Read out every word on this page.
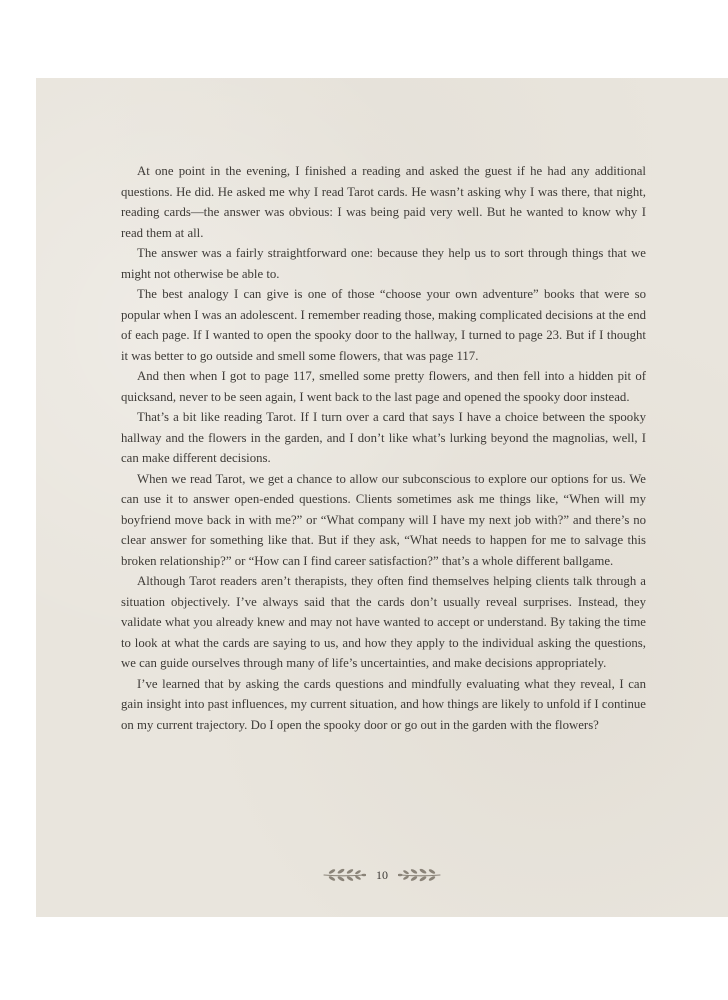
At one point in the evening, I finished a reading and asked the guest if he had any additional questions. He did. He asked me why I read Tarot cards. He wasn’t asking why I was there, that night, reading cards—the answer was obvious: I was being paid very well. But he wanted to know why I read them at all.

The answer was a fairly straightforward one: because they help us to sort through things that we might not otherwise be able to.

The best analogy I can give is one of those “choose your own adventure” books that were so popular when I was an adolescent. I remember reading those, making complicated decisions at the end of each page. If I wanted to open the spooky door to the hallway, I turned to page 23. But if I thought it was better to go outside and smell some flowers, that was page 117.

And then when I got to page 117, smelled some pretty flowers, and then fell into a hidden pit of quicksand, never to be seen again, I went back to the last page and opened the spooky door instead.

That’s a bit like reading Tarot. If I turn over a card that says I have a choice between the spooky hallway and the flowers in the garden, and I don’t like what’s lurking beyond the magnolias, well, I can make different decisions.

When we read Tarot, we get a chance to allow our subconscious to explore our options for us. We can use it to answer open-ended questions. Clients sometimes ask me things like, “When will my boyfriend move back in with me?” or “What company will I have my next job with?” and there’s no clear answer for something like that. But if they ask, “What needs to happen for me to salvage this broken relationship?” or “How can I find career satisfaction?” that’s a whole different ballgame.

Although Tarot readers aren’t therapists, they often find themselves helping clients talk through a situation objectively. I’ve always said that the cards don’t usually reveal surprises. Instead, they validate what you already knew and may not have wanted to accept or understand. By taking the time to look at what the cards are saying to us, and how they apply to the individual asking the questions, we can guide ourselves through many of life’s uncertainties, and make decisions appropriately.

I’ve learned that by asking the cards questions and mindfully evaluating what they reveal, I can gain insight into past influences, my current situation, and how things are likely to unfold if I continue on my current trajectory. Do I open the spooky door or go out in the garden with the flowers?

10
